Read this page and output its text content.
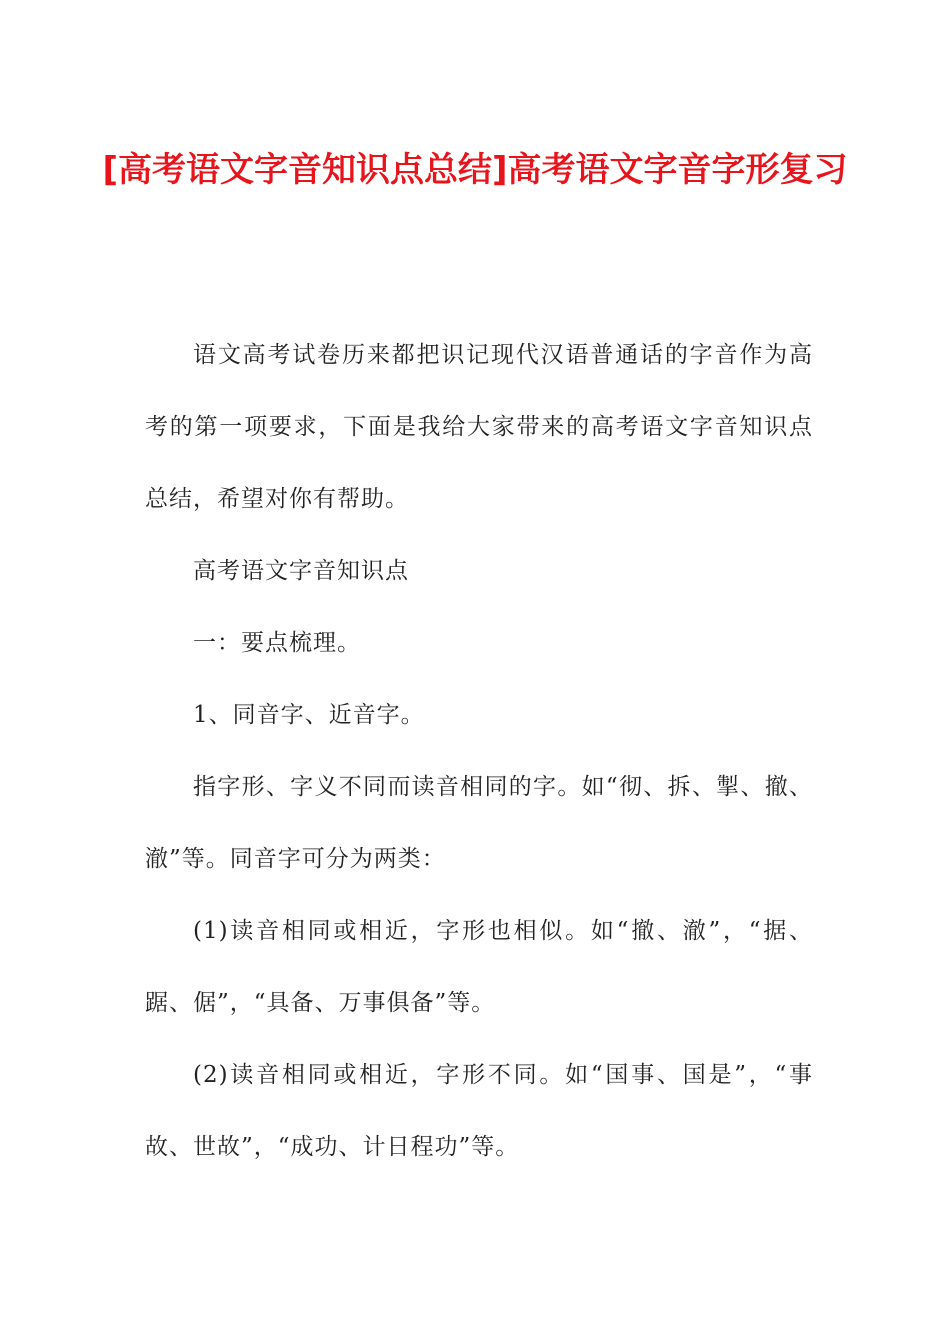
[高考语文字音知识点总结]高考语文字音字形复习

语文高考试卷历来都把识记现代汉语普通话的字音作为高考的第一项要求，下面是我给大家带来的高考语文字音知识点总结，希望对你有帮助。

高考语文字音知识点

一：要点梳理。

1、同音字、近音字。

指字形、字义不同而读音相同的字。如“彻、拆、掣、撤、澈”等。同音字可分为两类：

(1)读音相同或相近，字形也相似。如“撤、澈”，“据、踞、倨”，“具备、万事俱备”等。

(2)读音相同或相近，字形不同。如“国事、国是”，“事故、世故”，“成功、计日程功”等。
